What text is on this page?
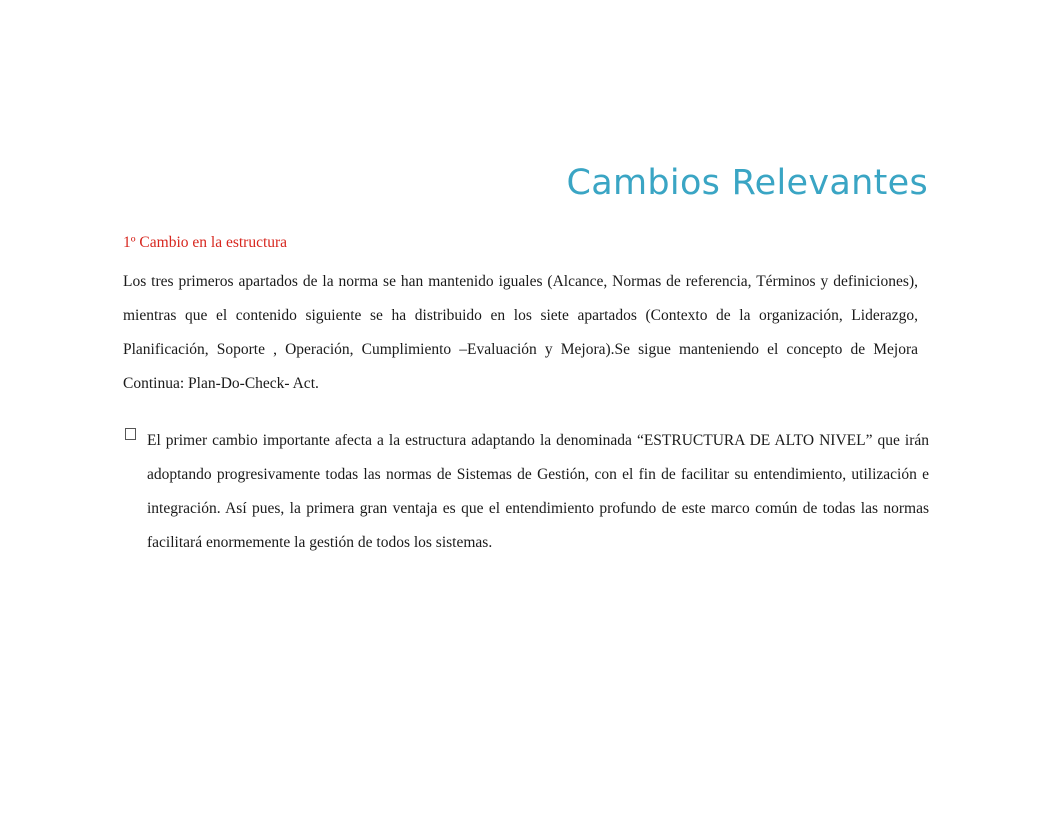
Cambios Relevantes

1º Cambio en la estructura

Los tres primeros apartados de la norma se han mantenido iguales (Alcance, Normas de referencia, Términos y definiciones), mientras que el contenido siguiente se ha distribuido en los siete apartados (Contexto de la organización, Liderazgo, Planificación, Soporte , Operación, Cumplimiento –Evaluación y Mejora).Se sigue manteniendo el concepto de Mejora Continua: Plan-Do-Check- Act.

El primer cambio importante afecta a la estructura adaptando la denominada “ESTRUCTURA DE ALTO NIVEL” que irán adoptando progresivamente todas las normas de Sistemas de Gestión, con el fin de facilitar su entendimiento, utilización e integración. Así pues, la primera gran ventaja es que el entendimiento profundo de este marco común de todas las normas facilitará enormemente la gestión de todos los sistemas.
